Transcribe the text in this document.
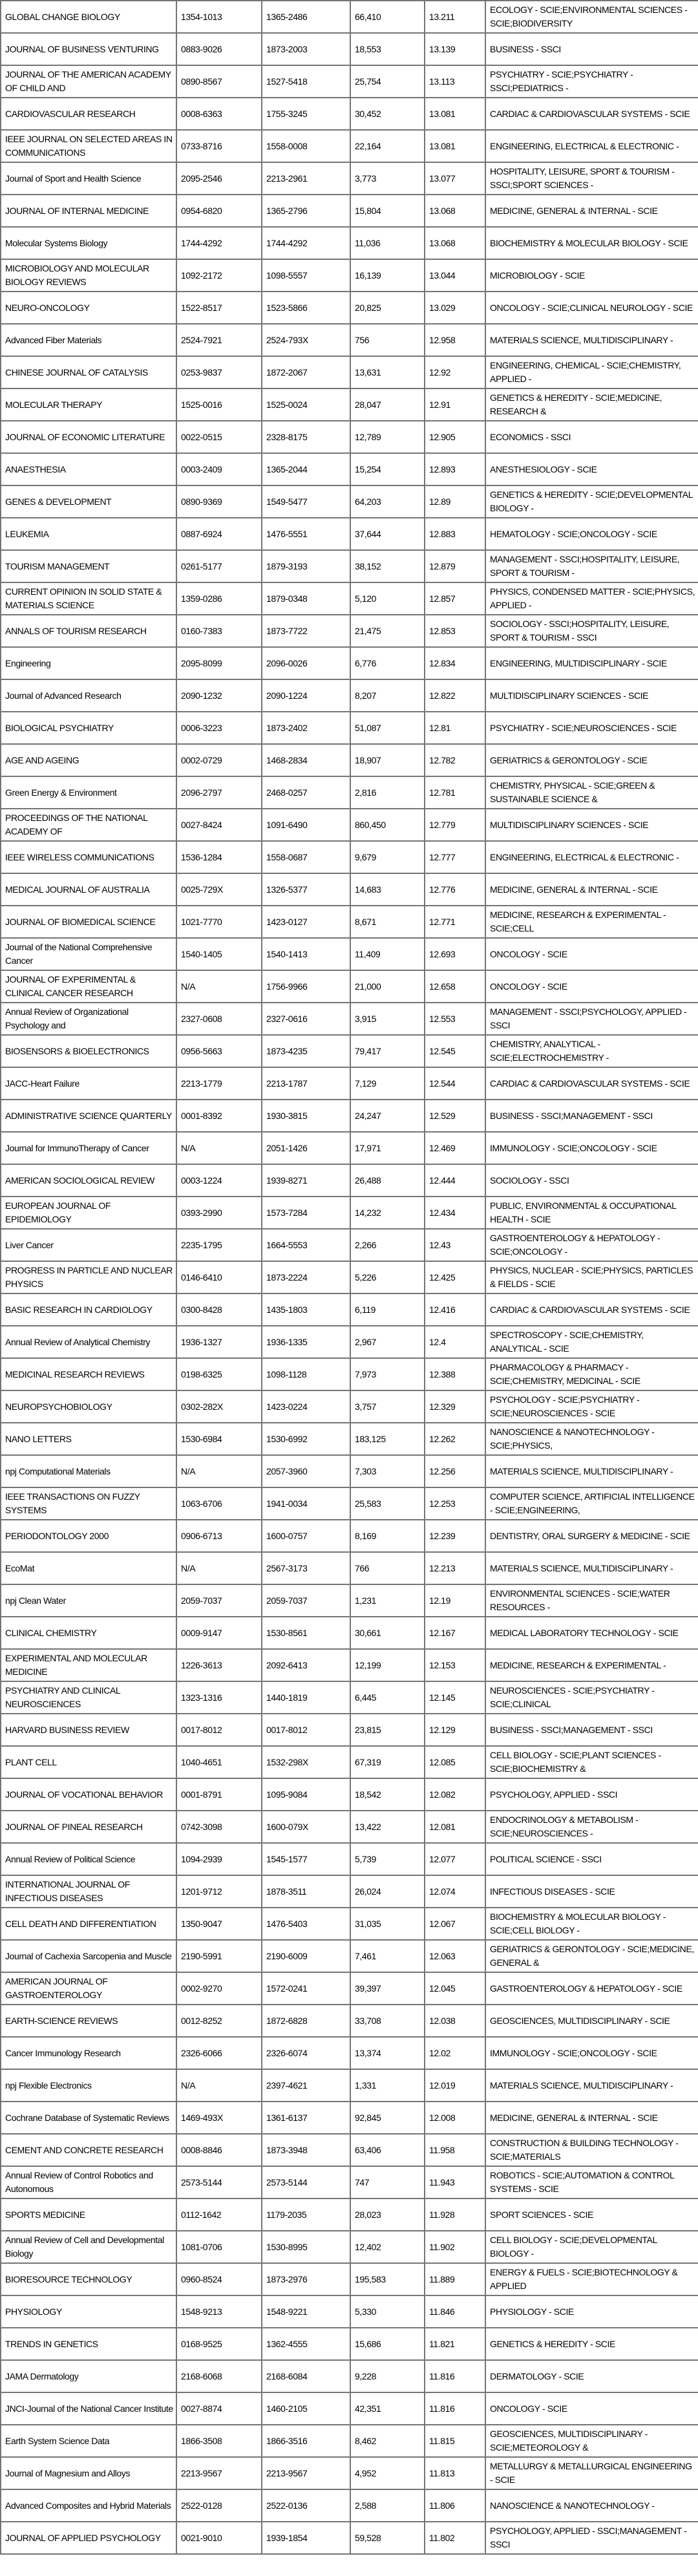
GLOBAL CHANGE BIOLOGY	1354-1013	1365-2486	66,410	13.211	ECOLOGY - SCIE;ENVIRONMENTAL SCIENCES - SCIE;BIODIVERSITY

JOURNAL OF BUSINESS VENTURING	0883-9026	1873-2003	18,553	13.139	BUSINESS - SSCI

JOURNAL OF THE AMERICAN ACADEMY OF CHILD AND	0890-8567	1527-5418	25,754	13.113	PSYCHIATRY - SCIE;PSYCHIATRY - SSCI;PEDIATRICS -

CARDIOVASCULAR RESEARCH	0008-6363	1755-3245	30,452	13.081	CARDIAC & CARDIOVASCULAR SYSTEMS - SCIE

IEEE JOURNAL ON SELECTED AREAS IN COMMUNICATIONS	0733-8716	1558-0008	22,164	13.081	ENGINEERING, ELECTRICAL & ELECTRONIC -

Journal of Sport and Health Science	2095-2546	2213-2961	3,773	13.077	HOSPITALITY, LEISURE, SPORT & TOURISM - SSCI;SPORT SCIENCES -

JOURNAL OF INTERNAL MEDICINE	0954-6820	1365-2796	15,804	13.068	MEDICINE, GENERAL & INTERNAL - SCIE

Molecular Systems Biology	1744-4292	1744-4292	11,036	13.068	BIOCHEMISTRY & MOLECULAR BIOLOGY - SCIE

MICROBIOLOGY AND MOLECULAR BIOLOGY REVIEWS	1092-2172	1098-5557	16,139	13.044	MICROBIOLOGY - SCIE

NEURO-ONCOLOGY	1522-8517	1523-5866	20,825	13.029	ONCOLOGY - SCIE;CLINICAL NEUROLOGY - SCIE

Advanced Fiber Materials	2524-7921	2524-793X	756	12.958	MATERIALS SCIENCE, MULTIDISCIPLINARY -

CHINESE JOURNAL OF CATALYSIS	0253-9837	1872-2067	13,631	12.92	ENGINEERING, CHEMICAL - SCIE;CHEMISTRY, APPLIED -

MOLECULAR THERAPY	1525-0016	1525-0024	28,047	12.91	GENETICS & HEREDITY - SCIE;MEDICINE, RESEARCH &

JOURNAL OF ECONOMIC LITERATURE	0022-0515	2328-8175	12,789	12.905	ECONOMICS - SSCI

ANAESTHESIA	0003-2409	1365-2044	15,254	12.893	ANESTHESIOLOGY - SCIE

GENES & DEVELOPMENT	0890-9369	1549-5477	64,203	12.89	GENETICS & HEREDITY - SCIE;DEVELOPMENTAL BIOLOGY -

LEUKEMIA	0887-6924	1476-5551	37,644	12.883	HEMATOLOGY - SCIE;ONCOLOGY - SCIE

TOURISM MANAGEMENT	0261-5177	1879-3193	38,152	12.879	MANAGEMENT - SSCI;HOSPITALITY, LEISURE, SPORT & TOURISM -

CURRENT OPINION IN SOLID STATE & MATERIALS SCIENCE	1359-0286	1879-0348	5,120	12.857	PHYSICS, CONDENSED MATTER - SCIE;PHYSICS, APPLIED -

ANNALS OF TOURISM RESEARCH	0160-7383	1873-7722	21,475	12.853	SOCIOLOGY - SSCI;HOSPITALITY, LEISURE, SPORT & TOURISM - SSCI

Engineering	2095-8099	2096-0026	6,776	12.834	ENGINEERING, MULTIDISCIPLINARY - SCIE

Journal of Advanced Research	2090-1232	2090-1224	8,207	12.822	MULTIDISCIPLINARY SCIENCES - SCIE

BIOLOGICAL PSYCHIATRY	0006-3223	1873-2402	51,087	12.81	PSYCHIATRY - SCIE;NEUROSCIENCES - SCIE

AGE AND AGEING	0002-0729	1468-2834	18,907	12.782	GERIATRICS & GERONTOLOGY - SCIE

Green Energy & Environment	2096-2797	2468-0257	2,816	12.781	CHEMISTRY, PHYSICAL - SCIE;GREEN & SUSTAINABLE SCIENCE &

PROCEEDINGS OF THE NATIONAL ACADEMY OF	0027-8424	1091-6490	860,450	12.779	MULTIDISCIPLINARY SCIENCES - SCIE

IEEE WIRELESS COMMUNICATIONS	1536-1284	1558-0687	9,679	12.777	ENGINEERING, ELECTRICAL & ELECTRONIC -

MEDICAL JOURNAL OF AUSTRALIA	0025-729X	1326-5377	14,683	12.776	MEDICINE, GENERAL & INTERNAL - SCIE

JOURNAL OF BIOMEDICAL SCIENCE	1021-7770	1423-0127	8,671	12.771	MEDICINE, RESEARCH & EXPERIMENTAL - SCIE;CELL

Journal of the National Comprehensive Cancer	1540-1405	1540-1413	11,409	12.693	ONCOLOGY - SCIE

JOURNAL OF EXPERIMENTAL & CLINICAL CANCER RESEARCH	N/A	1756-9966	21,000	12.658	ONCOLOGY - SCIE

Annual Review of Organizational Psychology and	2327-0608	2327-0616	3,915	12.553	MANAGEMENT - SSCI;PSYCHOLOGY, APPLIED - SSCI

BIOSENSORS & BIOELECTRONICS	0956-5663	1873-4235	79,417	12.545	CHEMISTRY, ANALYTICAL - SCIE;ELECTROCHEMISTRY -

JACC-Heart Failure	2213-1779	2213-1787	7,129	12.544	CARDIAC & CARDIOVASCULAR SYSTEMS - SCIE

ADMINISTRATIVE SCIENCE QUARTERLY	0001-8392	1930-3815	24,247	12.529	BUSINESS - SSCI;MANAGEMENT - SSCI

Journal for ImmunoTherapy of Cancer	N/A	2051-1426	17,971	12.469	IMMUNOLOGY - SCIE;ONCOLOGY - SCIE

AMERICAN SOCIOLOGICAL REVIEW	0003-1224	1939-8271	26,488	12.444	SOCIOLOGY - SSCI

EUROPEAN JOURNAL OF EPIDEMIOLOGY	0393-2990	1573-7284	14,232	12.434	PUBLIC, ENVIRONMENTAL & OCCUPATIONAL HEALTH - SCIE

Liver Cancer	2235-1795	1664-5553	2,266	12.43	GASTROENTEROLOGY & HEPATOLOGY - SCIE;ONCOLOGY -

PROGRESS IN PARTICLE AND NUCLEAR PHYSICS	0146-6410	1873-2224	5,226	12.425	PHYSICS, NUCLEAR - SCIE;PHYSICS, PARTICLES & FIELDS - SCIE

BASIC RESEARCH IN CARDIOLOGY	0300-8428	1435-1803	6,119	12.416	CARDIAC & CARDIOVASCULAR SYSTEMS - SCIE

Annual Review of Analytical Chemistry	1936-1327	1936-1335	2,967	12.4	SPECTROSCOPY - SCIE;CHEMISTRY, ANALYTICAL - SCIE

MEDICINAL RESEARCH REVIEWS	0198-6325	1098-1128	7,973	12.388	PHARMACOLOGY & PHARMACY - SCIE;CHEMISTRY, MEDICINAL - SCIE

NEUROPSYCHOBIOLOGY	0302-282X	1423-0224	3,757	12.329	PSYCHOLOGY - SCIE;PSYCHIATRY - SCIE;NEUROSCIENCES - SCIE

NANO LETTERS	1530-6984	1530-6992	183,125	12.262	NANOSCIENCE & NANOTECHNOLOGY - SCIE;PHYSICS,

npj Computational Materials	N/A	2057-3960	7,303	12.256	MATERIALS SCIENCE, MULTIDISCIPLINARY -

IEEE TRANSACTIONS ON FUZZY SYSTEMS	1063-6706	1941-0034	25,583	12.253	COMPUTER SCIENCE, ARTIFICIAL INTELLIGENCE - SCIE;ENGINEERING,

PERIODONTOLOGY 2000	0906-6713	1600-0757	8,169	12.239	DENTISTRY, ORAL SURGERY & MEDICINE - SCIE

EcoMat	N/A	2567-3173	766	12.213	MATERIALS SCIENCE, MULTIDISCIPLINARY -

npj Clean Water	2059-7037	2059-7037	1,231	12.19	ENVIRONMENTAL SCIENCES - SCIE;WATER RESOURCES -

CLINICAL CHEMISTRY	0009-9147	1530-8561	30,661	12.167	MEDICAL LABORATORY TECHNOLOGY - SCIE

EXPERIMENTAL AND MOLECULAR MEDICINE	1226-3613	2092-6413	12,199	12.153	MEDICINE, RESEARCH & EXPERIMENTAL -

PSYCHIATRY AND CLINICAL NEUROSCIENCES	1323-1316	1440-1819	6,445	12.145	NEUROSCIENCES - SCIE;PSYCHIATRY - SCIE;CLINICAL

HARVARD BUSINESS REVIEW	0017-8012	0017-8012	23,815	12.129	BUSINESS - SSCI;MANAGEMENT - SSCI

PLANT CELL	1040-4651	1532-298X	67,319	12.085	CELL BIOLOGY - SCIE;PLANT SCIENCES - SCIE;BIOCHEMISTRY &

JOURNAL OF VOCATIONAL BEHAVIOR	0001-8791	1095-9084	18,542	12.082	PSYCHOLOGY, APPLIED - SSCI

JOURNAL OF PINEAL RESEARCH	0742-3098	1600-079X	13,422	12.081	ENDOCRINOLOGY & METABOLISM - SCIE;NEUROSCIENCES -

Annual Review of Political Science	1094-2939	1545-1577	5,739	12.077	POLITICAL SCIENCE - SSCI

INTERNATIONAL JOURNAL OF INFECTIOUS DISEASES	1201-9712	1878-3511	26,024	12.074	INFECTIOUS DISEASES - SCIE

CELL DEATH AND DIFFERENTIATION	1350-9047	1476-5403	31,035	12.067	BIOCHEMISTRY & MOLECULAR BIOLOGY - SCIE;CELL BIOLOGY -

Journal of Cachexia Sarcopenia and Muscle	2190-5991	2190-6009	7,461	12.063	GERIATRICS & GERONTOLOGY - SCIE;MEDICINE, GENERAL &

AMERICAN JOURNAL OF GASTROENTEROLOGY	0002-9270	1572-0241	39,397	12.045	GASTROENTEROLOGY & HEPATOLOGY - SCIE

EARTH-SCIENCE REVIEWS	0012-8252	1872-6828	33,708	12.038	GEOSCIENCES, MULTIDISCIPLINARY - SCIE

Cancer Immunology Research	2326-6066	2326-6074	13,374	12.02	IMMUNOLOGY - SCIE;ONCOLOGY - SCIE

npj Flexible Electronics	N/A	2397-4621	1,331	12.019	MATERIALS SCIENCE, MULTIDISCIPLINARY -

Cochrane Database of Systematic Reviews	1469-493X	1361-6137	92,845	12.008	MEDICINE, GENERAL & INTERNAL - SCIE

CEMENT AND CONCRETE RESEARCH	0008-8846	1873-3948	63,406	11.958	CONSTRUCTION & BUILDING TECHNOLOGY - SCIE;MATERIALS

Annual Review of Control Robotics and Autonomous	2573-5144	2573-5144	747	11.943	ROBOTICS - SCIE;AUTOMATION & CONTROL SYSTEMS - SCIE

SPORTS MEDICINE	0112-1642	1179-2035	28,023	11.928	SPORT SCIENCES - SCIE

Annual Review of Cell and Developmental Biology	1081-0706	1530-8995	12,402	11.902	CELL BIOLOGY - SCIE;DEVELOPMENTAL BIOLOGY -

BIORESOURCE TECHNOLOGY	0960-8524	1873-2976	195,583	11.889	ENERGY & FUELS - SCIE;BIOTECHNOLOGY & APPLIED

PHYSIOLOGY	1548-9213	1548-9221	5,330	11.846	PHYSIOLOGY - SCIE

TRENDS IN GENETICS	0168-9525	1362-4555	15,686	11.821	GENETICS & HEREDITY - SCIE

JAMA Dermatology	2168-6068	2168-6084	9,228	11.816	DERMATOLOGY - SCIE

JNCI-Journal of the National Cancer Institute	0027-8874	1460-2105	42,351	11.816	ONCOLOGY - SCIE

Earth System Science Data	1866-3508	1866-3516	8,462	11.815	GEOSCIENCES, MULTIDISCIPLINARY - SCIE;METEOROLOGY &

Journal of Magnesium and Alloys	2213-9567	2213-9567	4,952	11.813	METALLURGY & METALLURGICAL ENGINEERING - SCIE

Advanced Composites and Hybrid Materials	2522-0128	2522-0136	2,588	11.806	NANOSCIENCE & NANOTECHNOLOGY -

JOURNAL OF APPLIED PSYCHOLOGY	0021-9010	1939-1854	59,528	11.802	PSYCHOLOGY, APPLIED - SSCI;MANAGEMENT - SSCI
